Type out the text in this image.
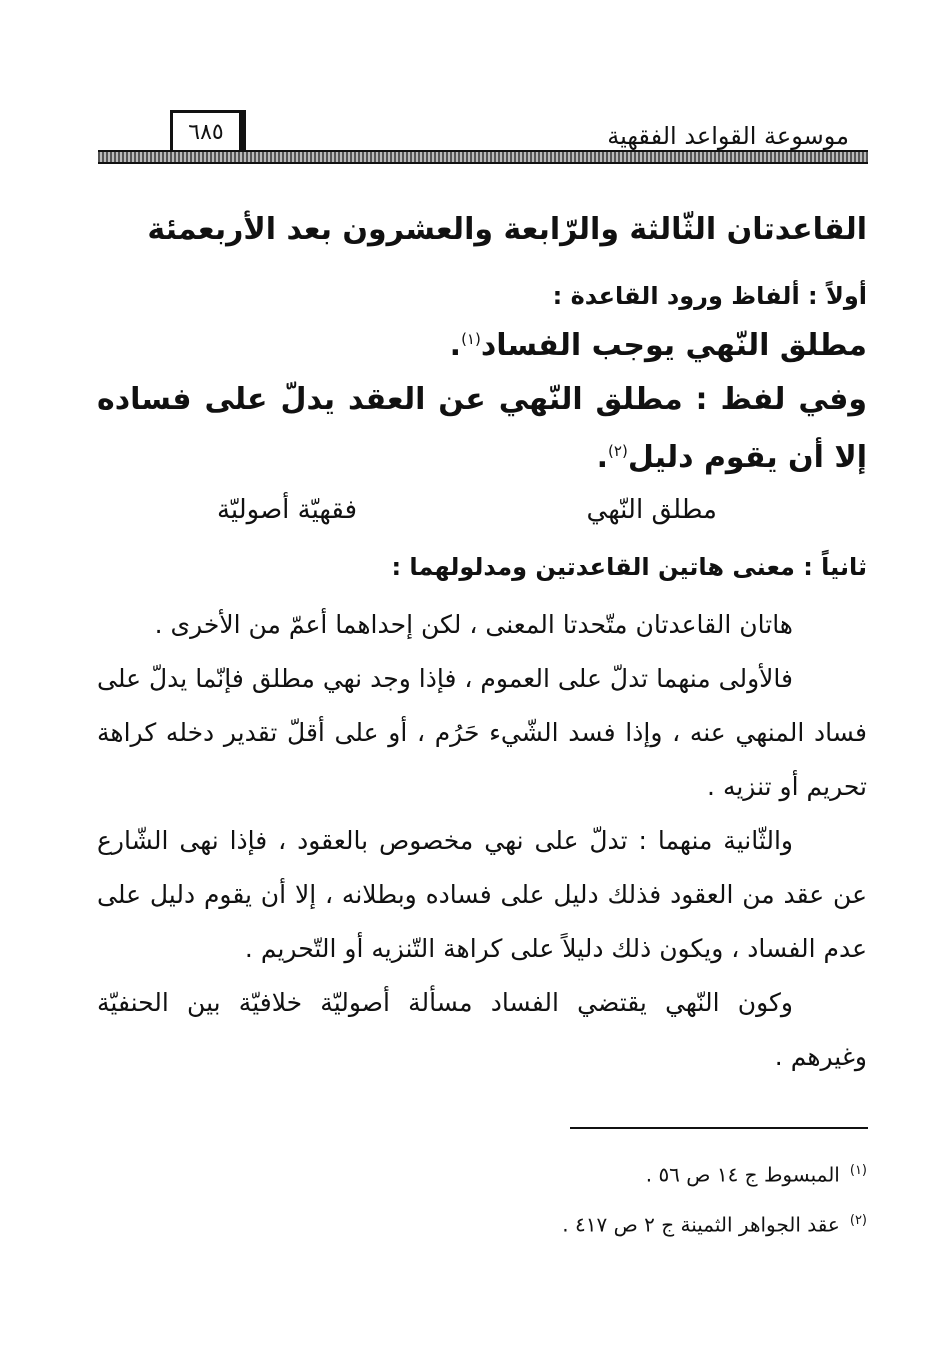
موسوعة القواعد الفقهية
٦٨٥
القاعدتان الثّالثة والرّابعة والعشرون بعد الأربعمئة
أولاً : ألفاظ ورود القاعدة :
مطلق النّهي يوجب الفساد$^{(١)}$.
وفي لفظ : مطلق النّهي عن العقد يدلّ على فساده
إلا أن يقوم دليل$^{(٢)}$.
مطلق النّهي
فقهيّة أصوليّة
ثانياً : معنى هاتين القاعدتين ومدلولهما :

هاتان القاعدتان متّحدتا المعنى ، لكن إحداهما أعمّ من الأخرى .

فالأولى منهما تدلّ على العموم ، فإذا وجد نهي مطلق فإنّما يدلّ على فساد المنهي عنه ، وإذا فسد الشّيء حَرُم ، أو على أقلّ تقدير دخله كراهة تحريم أو تنزيه .

والثّانية منهما : تدلّ على نهي مخصوص بالعقود ، فإذا نهى الشّارع عن عقد من العقود فذلك دليل على فساده وبطلانه ، إلا أن يقوم دليل على عدم الفساد ، ويكون ذلك دليلاً على كراهة التّنزيه أو التّحريم .

وكون النّهي يقتضي الفساد مسألة أصوليّة خلافيّة بين الحنفيّة وغيرهم .

$^{(١)}$المبسوط ج ١٤ ص ٥٦ .
$^{(٢)}$عقد الجواهر الثمينة ج ٢ ص ٤١٧ .
